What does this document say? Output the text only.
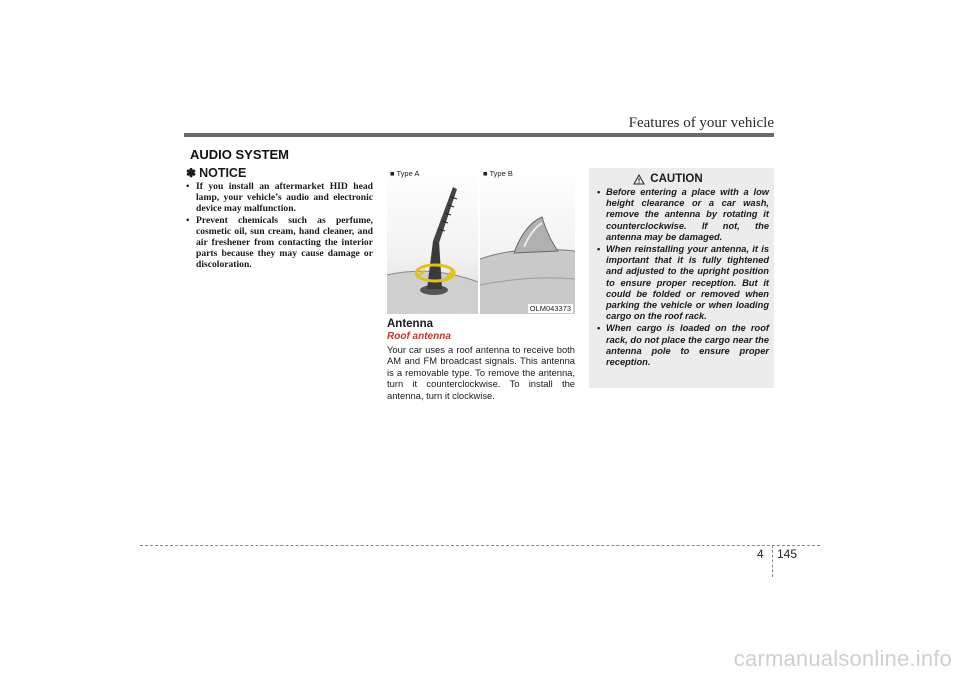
Features of your vehicle
AUDIO SYSTEM
✽ NOTICE
• If you install an aftermarket HID head lamp, your vehicle’s audio and electronic device may malfunction.
• Prevent chemicals such as perfume, cosmetic oil, sun cream, hand cleaner, and air freshener from contacting the interior parts because they may cause damage or discoloration.
■ Type A	■ Type B
OLM043373
Antenna
Roof antenna
Your car uses a roof antenna to receive both AM and FM broadcast signals. This antenna is a removable type. To remove the antenna, turn it counterclockwise. To install the antenna, turn it clockwise.
CAUTION
• Before entering a place with a low height clearance or a car wash, remove the antenna by rotating it counterclockwise. If not, the antenna may be damaged.
• When reinstalling your antenna, it is important that it is fully tightened and adjusted to the upright position to ensure proper reception. But it could be folded or removed when parking the vehicle or when loading cargo on the roof rack.
• When cargo is loaded on the roof rack, do not place the cargo near the antenna pole to ensure proper reception.
4 145
carmanualsonline.info
